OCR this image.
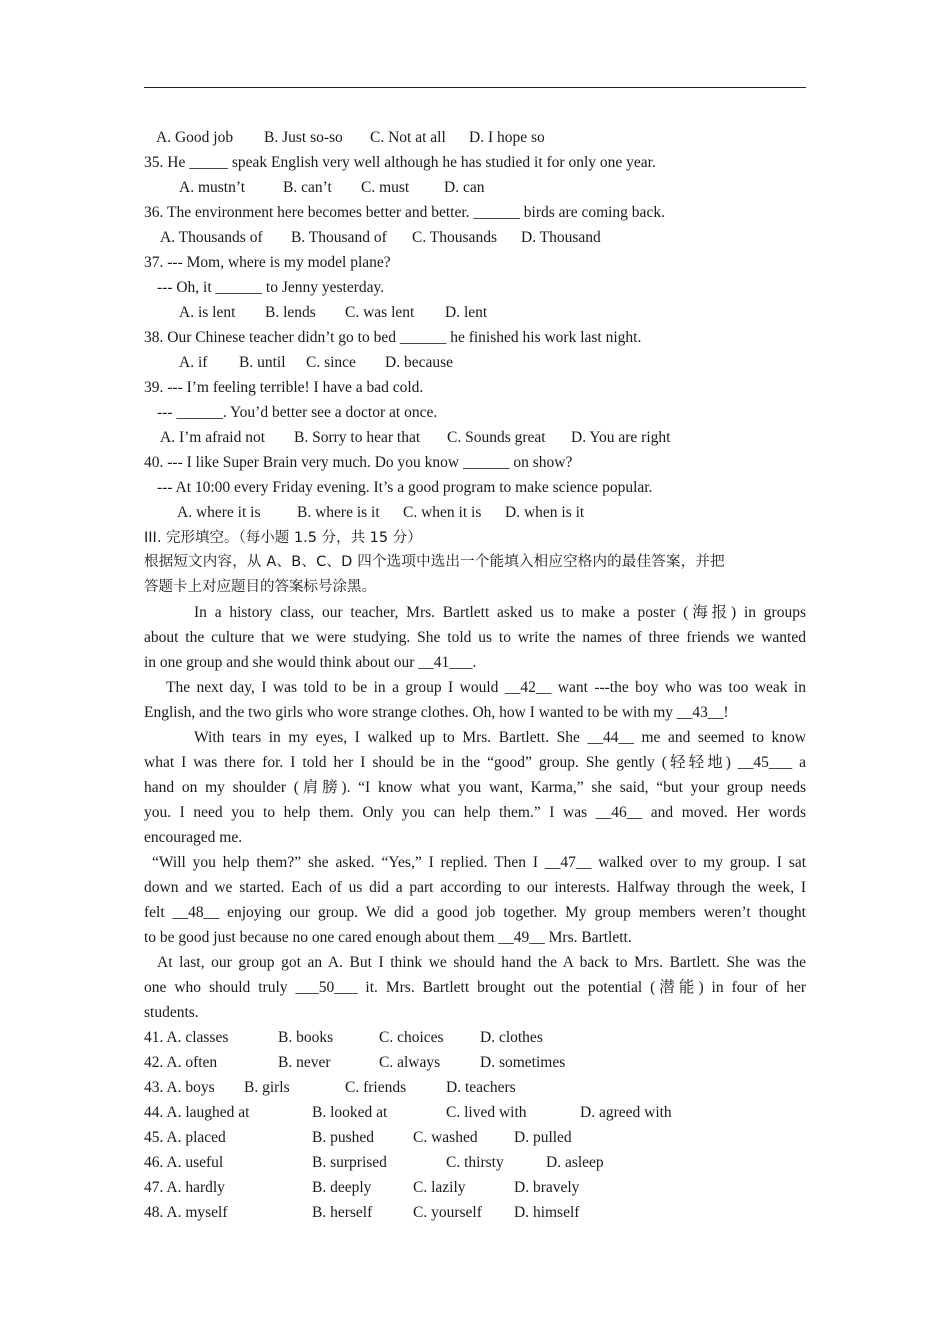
A. Good job B. Just so-so C. Not at all D. I hope so
35. He _____ speak English very well although he has studied it for only one year.
A. mustn’t B. can’t C. must D. can
36. The environment here becomes better and better. ______ birds are coming back.
A. Thousands of B. Thousand of C. Thousands D. Thousand
37. --- Mom, where is my model plane?
--- Oh, it ______ to Jenny yesterday.
A. is lent B. lends C. was lent D. lent
38. Our Chinese teacher didn’t go to bed ______ he finished his work last night.
A. if B. until C. since D. because
39. --- I’m feeling terrible! I have a bad cold.
--- ______. You’d better see a doctor at once.
A. I’m afraid not B. Sorry to hear that C. Sounds great D. You are right
40. --- I like Super Brain very much. Do you know ______ on show?
--- At 10:00 every Friday evening. It’s a good program to make science popular.
A. where it is B. where is it C. when it is D. when is it
III. 完形填空。（每小题 1.5 分，共 15 分）
根据短文内容，从 A、B、C、D 四个选项中选出一个能填入相应空格内的最佳答案，并把
答题卡上对应题目的答案标号涂黑。
In a history class, our teacher, Mrs. Bartlett asked us to make a poster (海报) in groups
about the culture that we were studying. She told us to write the names of three friends we wanted
in one group and she would think about our __41___.
The next day, I was told to be in a group I would __42__ want ---the boy who was too weak in
English, and the two girls who wore strange clothes. Oh, how I wanted to be with my __43__!
With tears in my eyes, I walked up to Mrs. Bartlett. She __44__ me and seemed to know
what I was there for. I told her I should be in the “good” group. She gently (轻轻地) __45___ a
hand on my shoulder (肩膀). “I know what you want, Karma,” she said, “but your group needs
you. I need you to help them. Only you can help them.” I was __46__ and moved. Her words
encouraged me.
“Will you help them?” she asked. “Yes,” I replied. Then I __47__ walked over to my group. I sat
down and we started. Each of us did a part according to our interests. Halfway through the week, I
felt __48__ enjoying our group. We did a good job together. My group members weren’t thought
to be good just because no one cared enough about them __49__ Mrs. Bartlett.
At last, our group got an A. But I think we should hand the A back to Mrs. Bartlett. She was the
one who should truly ___50___ it. Mrs. Bartlett brought out the potential (潜能) in four of her
students.
41. A. classes	B. books	C. choices D. clothes
42. A. often	B. never	C. always	D. sometimes
43. A. boys B. girls	C. friends	D. teachers
44. A. laughed at	B. looked at	C. lived with	D. agreed with
45. A. placed	B. pushed	C. washed D. pulled
46. A. useful	B. surprised	C. thirsty	D. asleep
47. A. hardly	B. deeply	C. lazily	D. bravely
48. A. myself	B. herself	C. yourself D. himself
